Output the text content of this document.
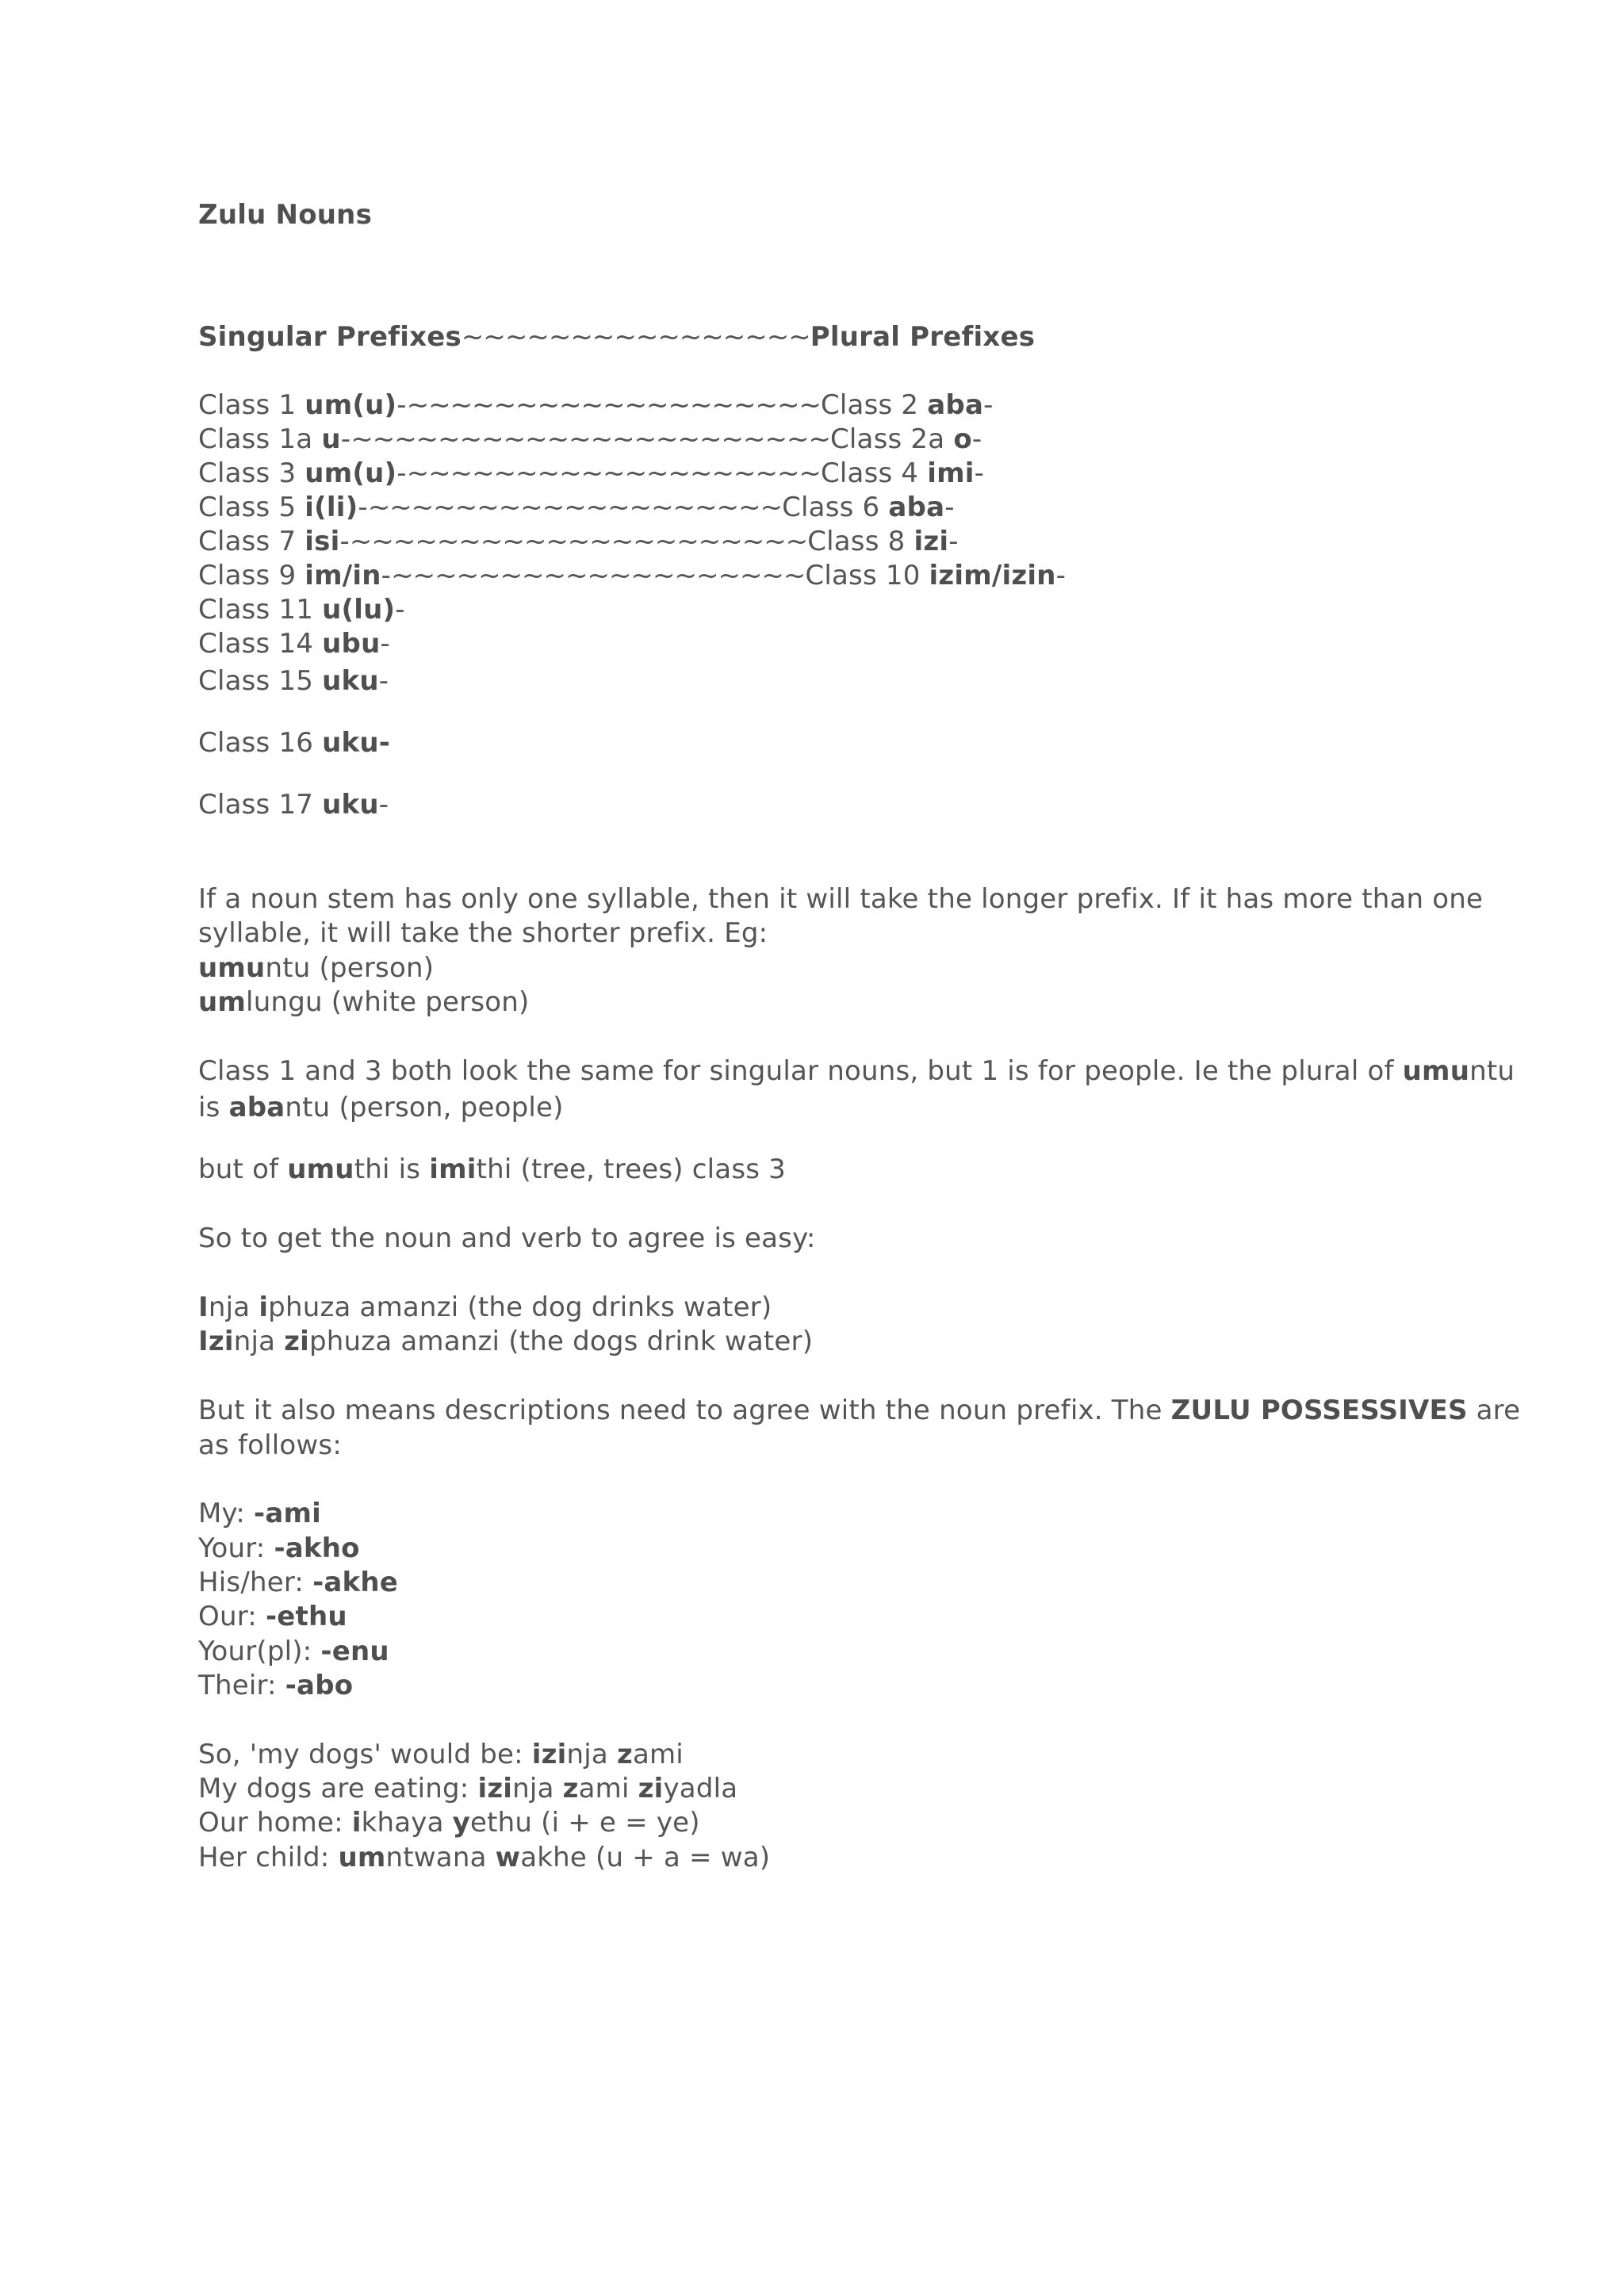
Zulu Nouns
Singular Prefixes~~~~~~~~~~~~~~~~Plural Prefixes
Class 1 um(u)-~~~~~~~~~~~~~~~~~~~Class 2 aba-
Class 1a u-~~~~~~~~~~~~~~~~~~~~~~Class 2a o-
Class 3 um(u)-~~~~~~~~~~~~~~~~~~~Class 4 imi-
Class 5 i(li)-~~~~~~~~~~~~~~~~~~~Class 6 aba-
Class 7 isi-~~~~~~~~~~~~~~~~~~~~~Class 8 izi-
Class 9 im/in-~~~~~~~~~~~~~~~~~~~Class 10 izim/izin-
Class 11 u(lu)-
Class 14 ubu-
Class 15 uku-
Class 16 uku-
Class 17 uku-
If a noun stem has only one syllable, then it will take the longer prefix. If it has more than one
syllable, it will take the shorter prefix. Eg:
umuntu (person)
umlungu (white person)
Class 1 and 3 both look the same for singular nouns, but 1 is for people. Ie the plural of umuntu
is abantu (person, people)
but of umuthi is imithi (tree, trees) class 3
So to get the noun and verb to agree is easy:
Inja iphuza amanzi (the dog drinks water)
Izinja ziphuza amanzi (the dogs drink water)
But it also means descriptions need to agree with the noun prefix. The ZULU POSSESSIVES are
as follows:
My: -ami
Your: -akho
His/her: -akhe
Our: -ethu
Your(pl): -enu
Their: -abo
So, 'my dogs' would be: izinja zami
My dogs are eating: izinja zami ziyadla
Our home: ikhaya yethu (i + e = ye)
Her child: umntwana wakhe (u + a = wa)
